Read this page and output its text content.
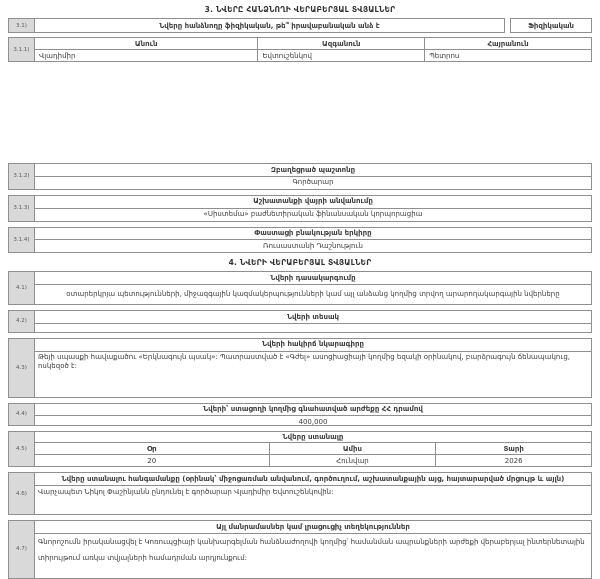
3. ՆՎԵՐԸ ՀԱՆՁՆՈՂԻ ՎԵՐԱԲԵՐՅԱԼ ՏՎՅԱԼՆԵՐ
3.1)	Նվերը հանձնողը ֆիզիկական, թե՞ իրավաբանական անձ է	Ֆիզիկական
3.1.1)
Անուն	Ազգանուն	Հայրանուն
Վլադիմիր	Եվտուշենկով	Պետրոս
3.1.2)
Զբաղեցրած պաշտոնը
Գործարար
3.1.3)
Աշխատանքի վայրի անվանումը
«Սիստեմա» բաժնետիրական ֆինանսական կորպորացիա
3.1.4)
Փաստացի բնակության երկիրը
Ռուսաստանի Դաշնություն
4. ՆՎԵՐԻ ՎԵՐԱԲԵՐՅԱԼ ՏՎՅԱԼՆԵՐ
4.1)
Նվերի դասակարգումը
օտարերկրյա պետությունների, միջազգային կազմակերպությունների կամ այլ անձանց կողմից տրվող արարողակարգային նվերները
4.2)
Նվերի տեսակ
4.3)
Նվերի հակիրճ նկարագիրը
Թեյի սպասքի հավաքածու «Երկնագույն պսակ»: Պատրաստված է «Գժել» ասոցիացիայի կողմից եզակի օրինակով, բարձրագույն ճենապակուց, ոսկեզօծ է:
4.4)
Նվերի՝ ստացողի կողմից գնահատված արժեքը ՀՀ դրամով
400,000
4.5)
Նվերը ստանալը
Օր	Ամիս	Տարի
20	Հունվար	2026
4.6)
Նվերը ստանալու հանգամանքը (օրինակ՝ միջոցառման անվանում, գործուղում, աշխատանքային այց, հայտարարված մրցույթ և այլն)
Վարչապետ Նիկոլ Փաշինյանն ընդունել է գործարար Վլադիմիր Եվտուշենկովին:
4.7)
Այլ մանրամասներ կամ լրացուցիչ տեղեկություններ
Գնորոշումն իրականացվել է Կոռուպցիայի կանխարգելման հանձնաժողովի կողմից՝ համանման ապրանքների արժեքի վերաբերյալ ինտերնետային տիրույթում առկա տվյալների համադրման արդյունքում:
